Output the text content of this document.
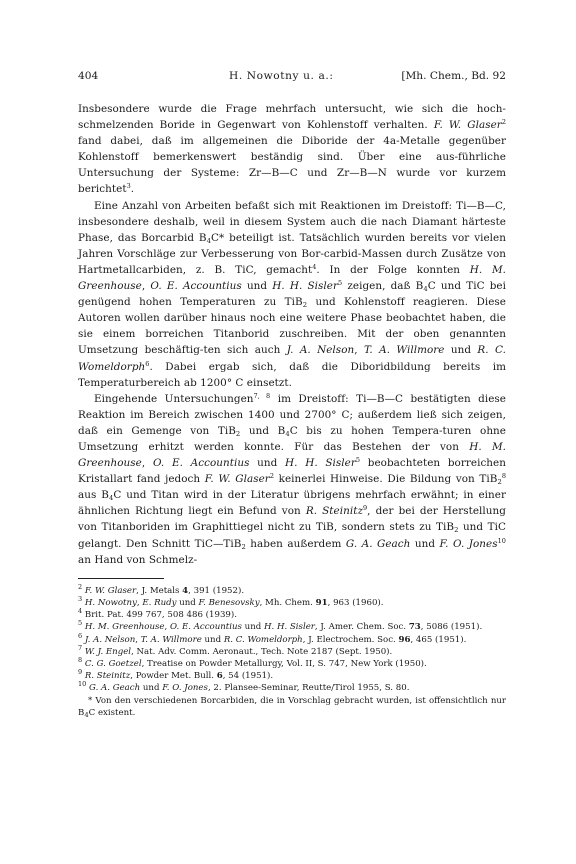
404	H. Nowotny u. a.:	[Mh. Chem., Bd. 92

Insbesondere wurde die Frage mehrfach untersucht, wie sich die hoch-schmelzenden Boride in Gegenwart von Kohlenstoff verhalten. F. W. Glaser$^2$ fand dabei, daß im allgemeinen die Diboride der 4a-Metalle gegenüber Kohlenstoff bemerkenswert beständig sind. Über eine aus-führliche Untersuchung der Systeme: Zr—B—C und Zr—B—N wurde vor kurzem berichtet$^3$.

Eine Anzahl von Arbeiten befaßt sich mit Reaktionen im Dreistoff: Ti—B—C, insbesondere deshalb, weil in diesem System auch die nach Diamant härteste Phase, das Borcarbid $B_4C*$ beteiligt ist. Tatsächlich wurden bereits vor vielen Jahren Vorschläge zur Verbesserung von Bor-carbid-Massen durch Zusätze von Hartmetallcarbiden, z. B. TiC, gemacht$^4$. In der Folge konnten H. M. Greenhouse, O. E. Accountius und H. H. Sisler$^5$ zeigen, daß $B_4C$ und TiC bei genügend hohen Temperaturen zu TiB$_2$ und Kohlenstoff reagieren. Diese Autoren wollen darüber hinaus noch eine weitere Phase beobachtet haben, die sie einem borreichen Titanborid zuschreiben. Mit der oben genannten Umsetzung beschäftig-ten sich auch J. A. Nelson, T. A. Willmore und R. C. Womeldorph$^6$. Dabei ergab sich, daß die Diboridbildung bereits im Temperaturbereich ab 1200° C einsetzt.

Eingehende Untersuchungen$^{7, 8}$ im Dreistoff: Ti—B—C bestätigten diese Reaktion im Bereich zwischen 1400 und 2700° C; außerdem ließ sich zeigen, daß ein Gemenge von TiB$_2$ und $B_4C$ bis zu hohen Tempera-turen ohne Umsetzung erhitzt werden konnte. Für das Bestehen der von H. M. Greenhouse, O. E. Accountius und H. H. Sisler$^5$ beobachteten borreichen Kristallart fand jedoch F. W. Glaser$^2$ keinerlei Hinweise. Die Bildung von TiB$_2^8$ aus $B_4C$ und Titan wird in der Literatur übrigens mehrfach erwähnt; in einer ähnlichen Richtung liegt ein Befund von R. Steinitz$^9$, der bei der Herstellung von Titanboriden im Graphittiegel nicht zu TiB, sondern stets zu TiB$_2$ und TiC gelangt. Den Schnitt TiC—TiB$_2$ haben außerdem G. A. Geach und F. O. Jones$^{10}$ an Hand von Schmelz-

$^2$ F. W. Glaser, J. Metals 4, 391 (1952).

$^3$ H. Nowotny, E. Rudy und F. Benesovsky, Mh. Chem. 91, 963 (1960).

$^4$ Brit. Pat. 499 767, 508 486 (1939).

$^5$ H. M. Greenhouse, O. E. Accountius und H. H. Sisler, J. Amer. Chem. Soc. 73, 5086 (1951).

$^6$ J. A. Nelson, T. A. Willmore und R. C. Womeldorph, J. Electrochem. Soc. 96, 465 (1951).

$^7$ W. J. Engel, Nat. Adv. Comm. Aeronaut., Tech. Note 2187 (Sept. 1950).

$^8$ C. G. Goetzel, Treatise on Powder Metallurgy, Vol. II, S. 747, New York (1950).

$^9$ R. Steinitz, Powder Met. Bull. 6, 54 (1951).

$^{10}$ G. A. Geach und F. O. Jones, 2. Plansee-Seminar, Reutte/Tirol 1955, S. 80.

* Von den verschiedenen Borcarbiden, die in Vorschlag gebracht wurden, ist offensichtlich nur $B_4C$ existent.
